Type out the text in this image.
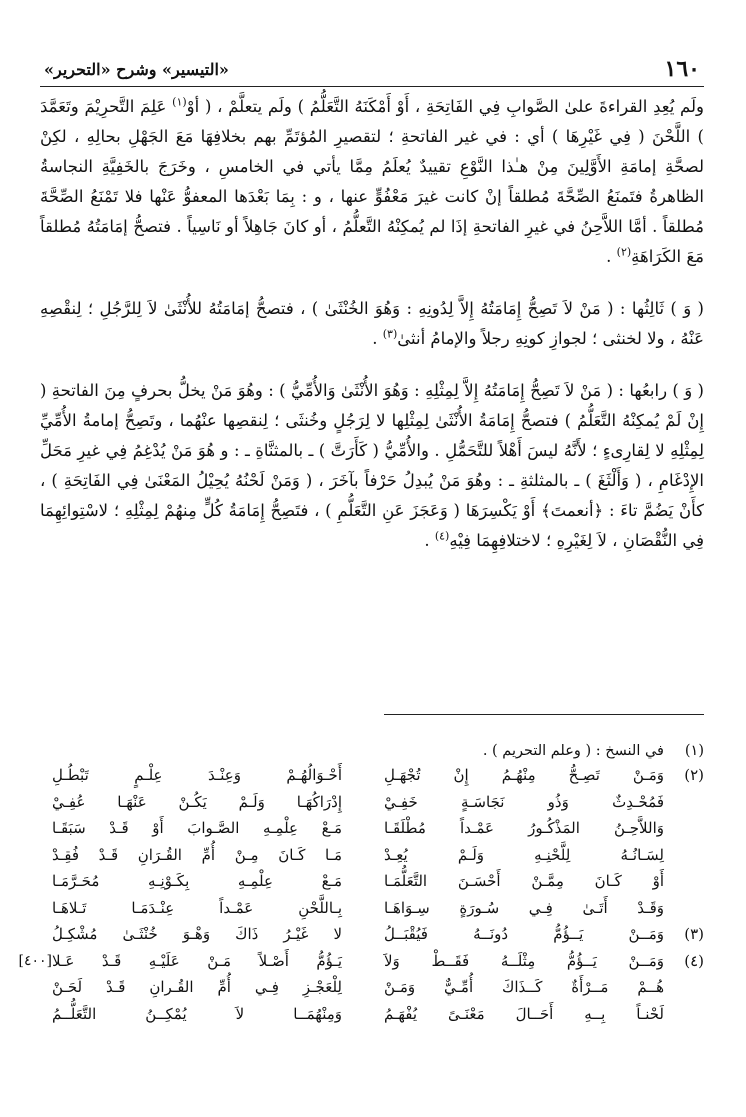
١٦٠
«التيسير» وشرح «التحرير»

ولَم يُعِدِ القراءةَ علىٰ الصَّوابِ فِي الفَاتِحَةِ ، أَوْ أَمْكَنَهُ التَّعَلُّمُ ) ولَم يتعلَّمْ ، ( أوْ$^{(١)}$ عَلِمَ التَّحرِيْمَ وتَعَمَّدَ ) اللَّحْنَ ( فِي غَيْرِهَا ) أي : في غير الفاتحةِ ؛ لتقصيرِ المُؤتَمِّ بهم بخلافِهَا مَعَ الجَهْلِ بحالِهِ ، لكِنْ لصحَّةِ إمامَةِ الأَوَّلِينَ مِنْ هـٰذا النَّوْعِ تقييدٌ يُعلَمُ مِمَّا يأتي في الخامسِ ، وخَرَجَ بالخَفِيَّةِ النجاسةُ الظاهرةُ فتَمنَعُ الصِّحَّةَ مُطلقاً إنْ كانت غيرَ مَعْفُوٍّ عنها ، و : بِمَا بَعْدَها المعفوُّ عَنْها فلا تَمْنَعُ الصِّحَّةَ مُطلقاً . أمَّا اللاَّحِنُ في غيرِ الفاتحةِ إذَا لم يُمكِنْهُ التَّعلُّمُ ، أو كانَ جَاهِلاً أو نَاسِياً . فتصحُّ إمَامَتُهُ مُطلقاً مَعَ الكَرَاهَةِ$^{(٢)}$ .

( وَ ) ثَالِثُها : ( مَنْ لاَ تَصِحُّ إِمَامَتُهُ إِلاَّ لِدُونِهِ : وَهُوَ الخُنْثَىٰ ) ، فتصحُّ إمَامَتُهُ للأُنْثَىٰ لاَ لِلرَّجُلِ ؛ لِنقْصِهِ عَنْهُ ، ولا لخنثى ؛ لجوازِ كونِهِ رجلاً والإمامُ أنثىٰ$^{(٣)}$ .

( وَ ) رابعُها : ( مَنْ لاَ تَصِحُّ إِمَامَتُهُ إِلاَّ لِمِثْلِهِ : وَهُوَ الأُنْثَىٰ وَالأُمِّيُّ ) : وهُوَ مَنْ يخلُّ بحرفٍ مِنَ الفاتحةِ ( إِنْ لَمْ يُمكِنْهُ التَّعَلُّمُ ) فتصحُّ إِمَامَةُ الأُنْثَىٰ لِمِثْلِها لا لِرَجُلٍ وخُنثَى ؛ لِنقصِها عنْهُما ، وتَصِحُّ إمامةُ الأُمِّيِّ لِمِثْلِهِ لا لِقارِىءٍ ؛ لأَنَّهُ ليسَ أَهْلاً للتَّحَمُّلِ . والأُمِّيُّ ( كَأَرَتَّ ) ـ بالمثنَّاةِ ـ : و هُوَ مَنْ يُدْغِمُ فِي غيرِ مَحَلِّ الإِدْغَامِ ، ( وَأَلْثَغَ ) ـ بالمثلثةِ ـ : وهُوَ مَنْ يُبدِلُ حَرْفاً بآخَرَ ، ( وَمَنْ لَحْنُهُ يُحِيْلُ المَعْنَىٰ فِي الفَاتِحَةِ ) ، كأَنْ يَضُمَّ تاءَ : ﴿أنعمتَ﴾ أَوْ يَكْسِرَهَا ( وَعَجَزَ عَنِ التَّعَلُّمِ ) ، فتَصِحُّ إِمَامَةُ كُلٍّ مِنهُمْ لِمِثْلِهِ ؛ لاسْتِوائِهِمَا فِي النُّقْصَانِ ، لاَ لِغَيْرِهِ ؛ لاختلافِهِمَا فِيْهِ$^{(٤)}$ .

(١)
في النسخ : ( وعلم التحريم ) .
(٢)
وَمَـنْ تَصِـحُّ مِنْهُـمُ إِنْ تُجْهَـلِ
أَحْـوَالُهُـمْ وَعِنْـدَ عِلْـمٍ تَبْطُـلِ
فَمُحْـدِثٌ وَذُو نَجَاسَـةٍ خَفِـيْ
إِدْرَاكُهَـا وَلَـمْ يَكُـنْ عَنْهَـا عُفِـيْ
وَاللاَّحِـنُ المَذْكُـورُ عَمْـداً مُطْلَقَـا
مَـعْ عِلْمِـهِ الصَّـوابَ أَوْ قَـدْ سَبَقَـا
لِسَـانُـهُ لِلَّحْنِـهِ وَلَـمْ يُعِـدْ
مَـا كَـانَ مِـنْ أُمِّ القُـرَانِ قَـدْ فُقِـدْ
أَوْ كَـانَ مِمَّـنْ أَحْسَـنَ التَّعَلُّمَـا
مَـعْ عِلْمِـهِ بِكَـوْنِـهِ مُحَـرَّمَـا
وَقَـدْ أَتَـىٰ فِـي سُـورَةٍ سِـوَاهَـا
بِـاللَّحْنِ عَمْـداً عِنْـدَمَـا تَـلاهَـا
(٣)
وَمَــنْ يَــؤُمُّ دُونَــهُ فَيُقْبَــلُ
لا غَيْـرُ ذَاكَ وَهْـوَ خُنْثَـىٰ مُشْكِـلُ
(٤)
وَمَــنْ يَــؤُمُّ مِثْلَــهُ فَقَــطْ وَلاَ
يَـؤُمُّ أَصْـلاً مَـنْ عَلَيْـهِ قَـدْ عَـلا
[٤٠٠]
هُــمْ مَــرْأَةٌ كَــذَاكَ أُمِّـيٌّ وَمَـنْ
لِلْعَجْـزِ فِـي أُمِّ القُـرانِ قَـدْ لَحَـنْ
لَحْنـاً بِــهِ أَحَــالَ مَعْنَـىً يُفْهَـمُ
وَمِنْهُمَــا لاَ يُمْكِــنُ التَّعَلُّــمُ
